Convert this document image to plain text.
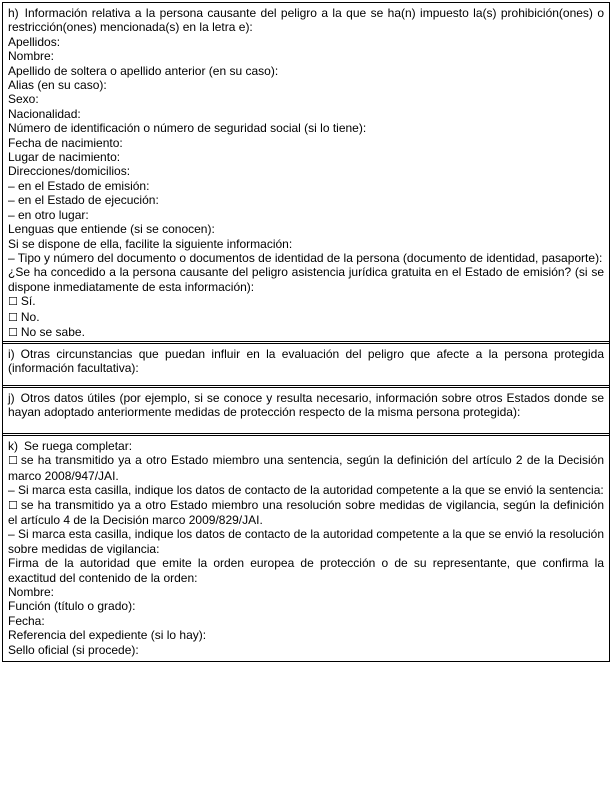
h) Información relativa a la persona causante del peligro a la que se ha(n) impuesto la(s) prohibición(ones) o restricción(ones) mencionada(s) en la letra e):
Apellidos:
Nombre:
Apellido de soltera o apellido anterior (en su caso):
Alias (en su caso):
Sexo:
Nacionalidad:
Número de identificación o número de seguridad social (si lo tiene):
Fecha de nacimiento:
Lugar de nacimiento:
Direcciones/domicilios:
– en el Estado de emisión:
– en el Estado de ejecución:
– en otro lugar:
Lenguas que entiende (si se conocen):
Si se dispone de ella, facilite la siguiente información:
– Tipo y número del documento o documentos de identidad de la persona (documento de identidad, pasaporte):
¿Se ha concedido a la persona causante del peligro asistencia jurídica gratuita en el Estado de emisión? (si se dispone inmediatamente de esta información):
☐ Sí.
☐ No.
☐ No se sabe.
i) Otras circunstancias que puedan influir en la evaluación del peligro que afecte a la persona protegida (información facultativa):
j) Otros datos útiles (por ejemplo, si se conoce y resulta necesario, información sobre otros Estados donde se hayan adoptado anteriormente medidas de protección respecto de la misma persona protegida):
k) Se ruega completar:
☐ se ha transmitido ya a otro Estado miembro una sentencia, según la definición del artículo 2 de la Decisión marco 2008/947/JAI.
– Si marca esta casilla, indique los datos de contacto de la autoridad competente a la que se envió la sentencia:
☐ se ha transmitido ya a otro Estado miembro una resolución sobre medidas de vigilancia, según la definición el artículo 4 de la Decisión marco 2009/829/JAI.
– Si marca esta casilla, indique los datos de contacto de la autoridad competente a la que se envió la resolución sobre medidas de vigilancia:
Firma de la autoridad que emite la orden europea de protección o de su representante, que confirma la exactitud del contenido de la orden:
Nombre:
Función (título o grado):
Fecha:
Referencia del expediente (si lo hay):
Sello oficial (si procede):
